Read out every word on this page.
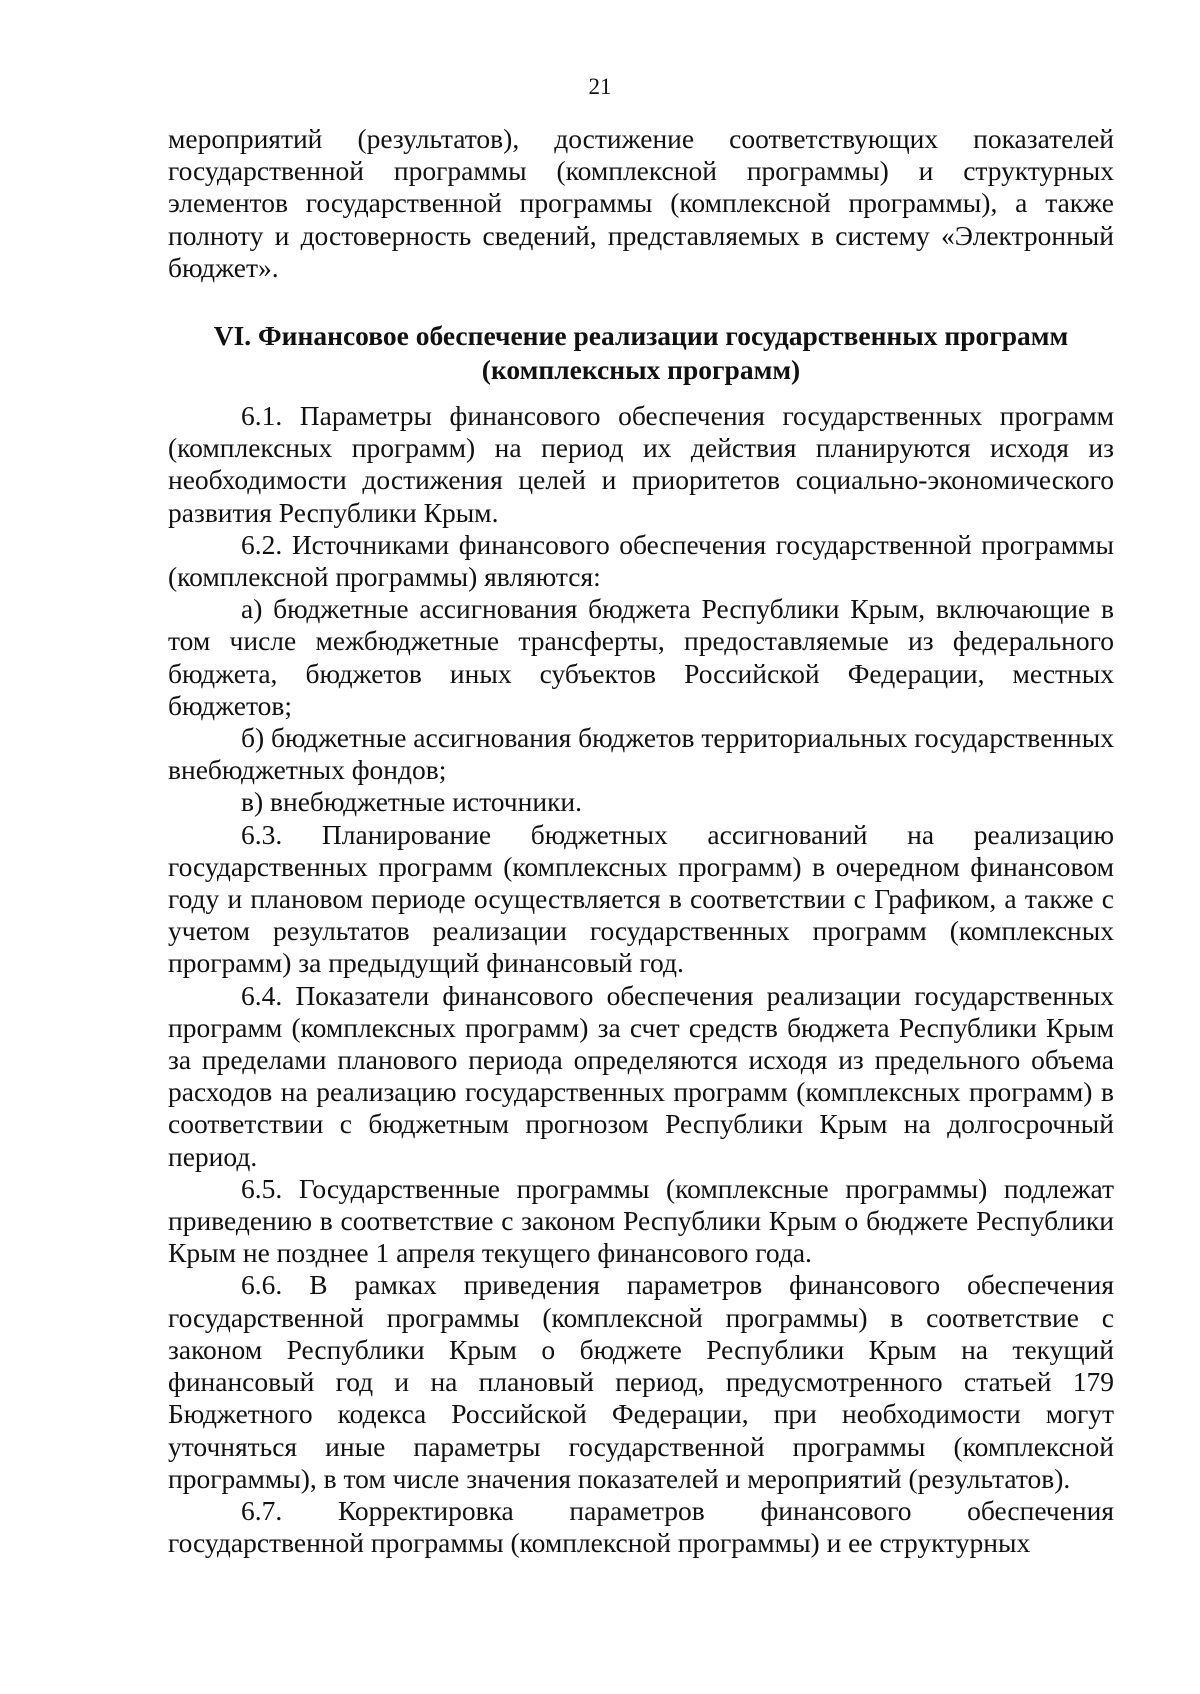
21

мероприятий (результатов), достижение соответствующих показателей государственной программы (комплексной программы) и структурных элементов государственной программы (комплексной программы), а также полноту и достоверность сведений, представляемых в систему «Электронный бюджет».

VI. Финансовое обеспечение реализации государственных программ
(комплексных программ)

6.1. Параметры финансового обеспечения государственных программ (комплексных программ) на период их действия планируются исходя из необходимости достижения целей и приоритетов социально-экономического развития Республики Крым.

6.2. Источниками финансового обеспечения государственной программы (комплексной программы) являются:

а) бюджетные ассигнования бюджета Республики Крым, включающие в том числе межбюджетные трансферты, предоставляемые из федерального бюджета, бюджетов иных субъектов Российской Федерации, местных бюджетов;

б) бюджетные ассигнования бюджетов территориальных государственных внебюджетных фондов;

в) внебюджетные источники.

6.3. Планирование бюджетных ассигнований на реализацию государственных программ (комплексных программ) в очередном финансовом году и плановом периоде осуществляется в соответствии с Графиком, а также с учетом результатов реализации государственных программ (комплексных программ) за предыдущий финансовый год.

6.4. Показатели финансового обеспечения реализации государственных программ (комплексных программ) за счет средств бюджета Республики Крым за пределами планового периода определяются исходя из предельного объема расходов на реализацию государственных программ (комплексных программ) в соответствии с бюджетным прогнозом Республики Крым на долгосрочный период.

6.5. Государственные программы (комплексные программы) подлежат приведению в соответствие с законом Республики Крым о бюджете Республики Крым не позднее 1 апреля текущего финансового года.

6.6. В рамках приведения параметров финансового обеспечения государственной программы (комплексной программы) в соответствие с законом Республики Крым о бюджете Республики Крым на текущий финансовый год и на плановый период, предусмотренного статьей 179 Бюджетного кодекса Российской Федерации, при необходимости могут уточняться иные параметры государственной программы (комплексной программы), в том числе значения показателей и мероприятий (результатов).

6.7. Корректировка параметров финансового обеспечения государственной программы (комплексной программы) и ее структурных
